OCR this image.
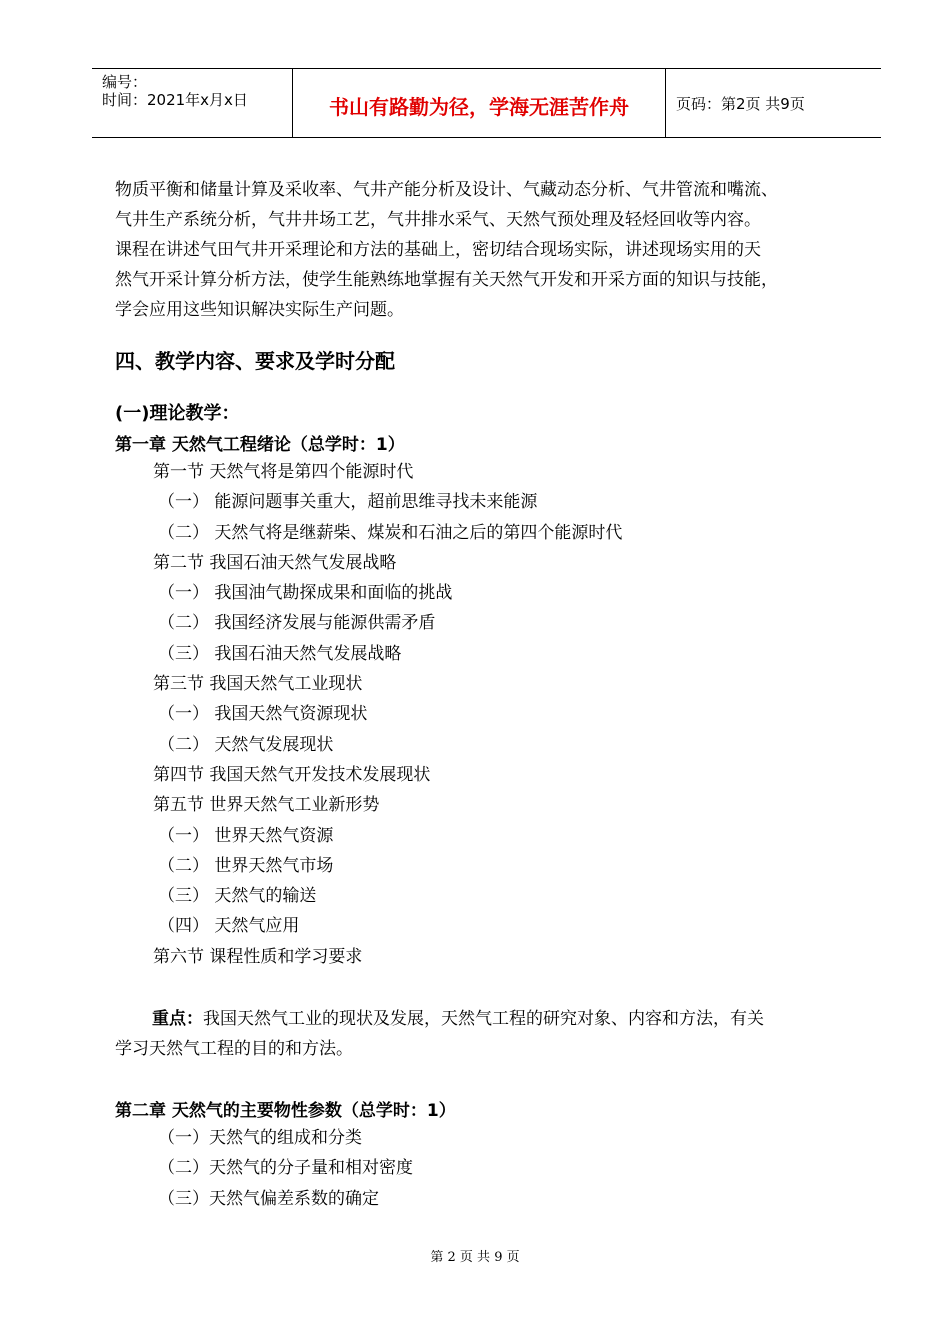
编号：
时间：2021年x月x日	书山有路勤为径，学海无涯苦作舟	页码：第2页 共9页

物质平衡和储量计算及采收率、气井产能分析及设计、气藏动态分析、气井管流和嘴流、

气井生产系统分析，气井井场工艺，气井排水采气、天然气预处理及轻烃回收等内容。

课程在讲述气田气井开采理论和方法的基础上，密切结合现场实际，讲述现场实用的天

然气开采计算分析方法，使学生能熟练地掌握有关天然气开发和开采方面的知识与技能，

学会应用这些知识解决实际生产问题。

四、教学内容、要求及学时分配
(一)理论教学：
第一章 天然气工程绪论（总学时：1）
第一节 天然气将是第四个能源时代
（一） 能源问题事关重大，超前思维寻找未来能源
（二） 天然气将是继薪柴、煤炭和石油之后的第四个能源时代
第二节 我国石油天然气发展战略
（一） 我国油气勘探成果和面临的挑战
（二） 我国经济发展与能源供需矛盾
（三） 我国石油天然气发展战略
第三节 我国天然气工业现状
（一） 我国天然气资源现状
（二） 天然气发展现状
第四节 我国天然气开发技术发展现状
第五节 世界天然气工业新形势
（一） 世界天然气资源
（二） 世界天然气市场
（三） 天然气的输送
（四） 天然气应用
第六节 课程性质和学习要求

重点：我国天然气工业的现状及发展，天然气工程的研究对象、内容和方法，有关

学习天然气工程的目的和方法。

第二章 天然气的主要物性参数（总学时：1）
（一）天然气的组成和分类
（二）天然气的分子量和相对密度
（三）天然气偏差系数的确定
第 2 页 共 9 页
